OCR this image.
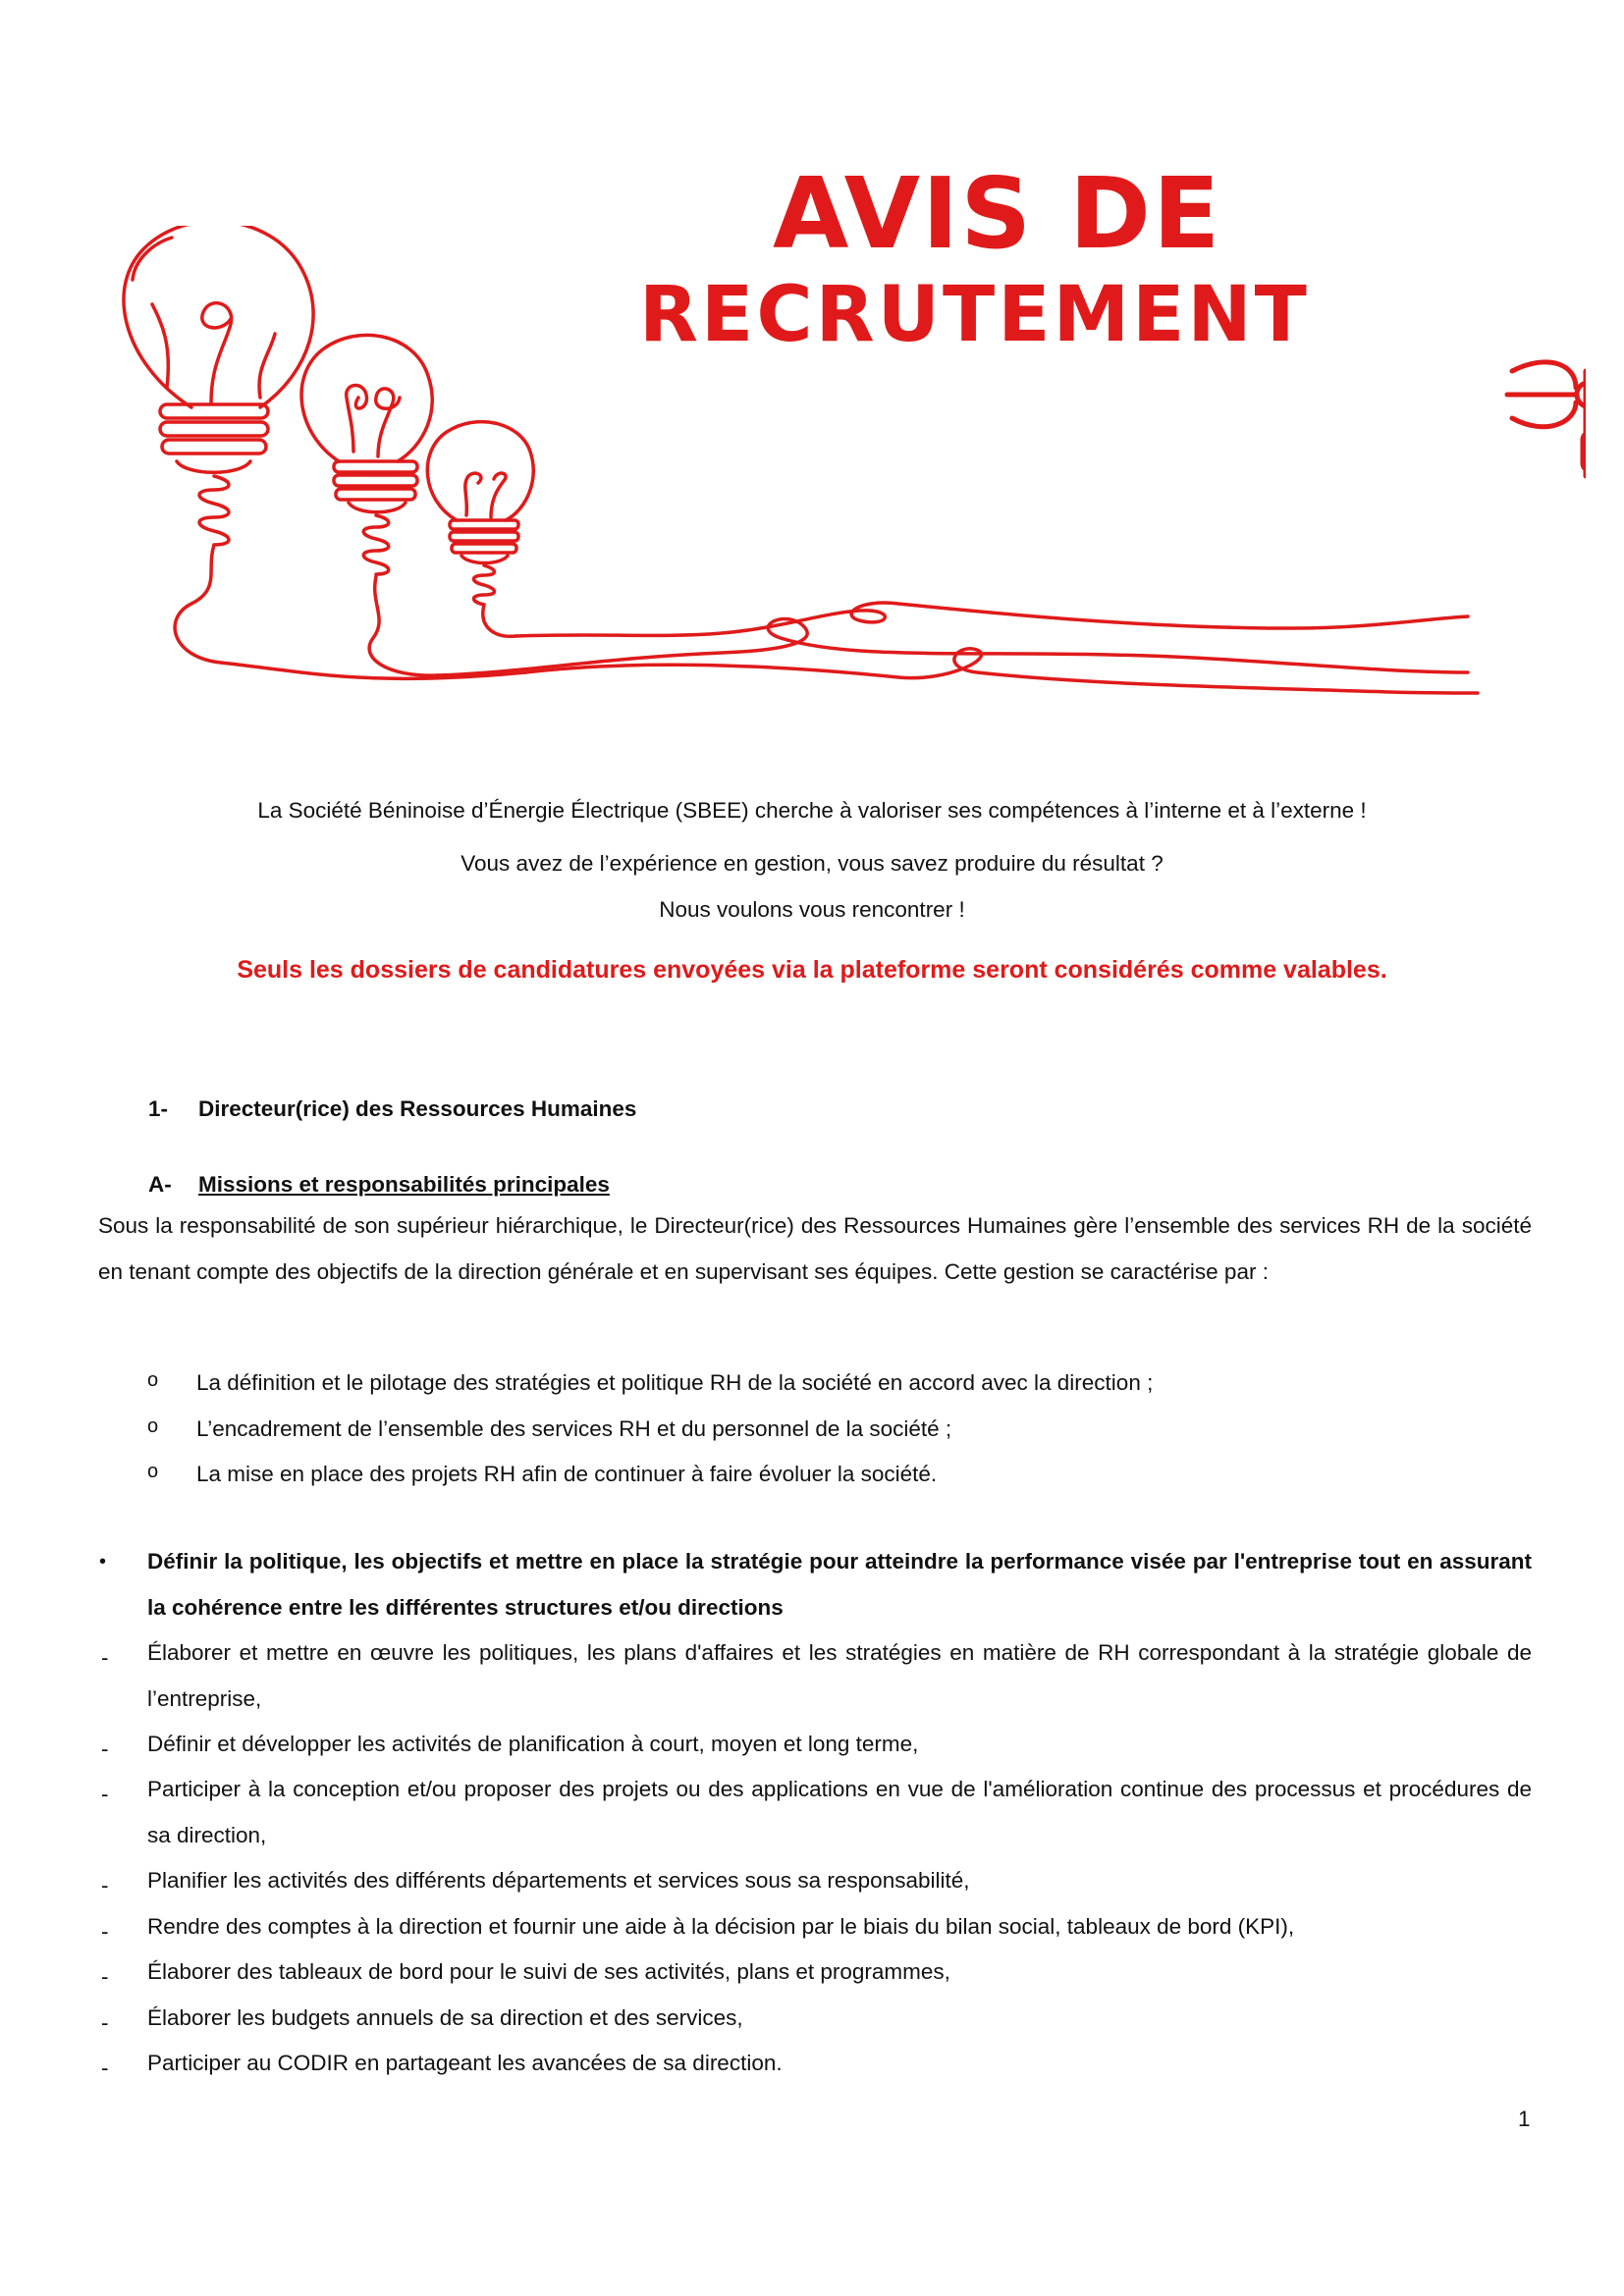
AVIS DE
RECRUTEMENT
La Société Béninoise d’Énergie Électrique (SBEE) cherche à valoriser ses compétences à l’interne et à l’externe !
Vous avez de l’expérience en gestion, vous savez produire du résultat ?
Nous voulons vous rencontrer !
Seuls les dossiers de candidatures envoyées via la plateforme seront considérés comme valables.
1- Directeur(rice) des Ressources Humaines
A- Missions et responsabilités principales
Sous la responsabilité de son supérieur hiérarchique, le Directeur(rice) des Ressources Humaines gère l’ensemble des services RH de la société en tenant compte des objectifs de la direction générale et en supervisant ses équipes. Cette gestion se caractérise par :
o La définition et le pilotage des stratégies et politique RH de la société en accord avec la direction ;
o L’encadrement de l’ensemble des services RH et du personnel de la société ;
o La mise en place des projets RH afin de continuer à faire évoluer la société.
• Définir la politique, les objectifs et mettre en place la stratégie pour atteindre la performance visée par l'entreprise tout en assurant la cohérence entre les différentes structures et/ou directions
- Élaborer et mettre en œuvre les politiques, les plans d'affaires et les stratégies en matière de RH correspondant à la stratégie globale de l’entreprise,
- Définir et développer les activités de planification à court, moyen et long terme,
- Participer à la conception et/ou proposer des projets ou des applications en vue de l'amélioration continue des processus et procédures de sa direction,
- Planifier les activités des différents départements et services sous sa responsabilité,
- Rendre des comptes à la direction et fournir une aide à la décision par le biais du bilan social, tableaux de bord (KPI),
- Élaborer des tableaux de bord pour le suivi de ses activités, plans et programmes,
- Élaborer les budgets annuels de sa direction et des services,
- Participer au CODIR en partageant les avancées de sa direction.
1
